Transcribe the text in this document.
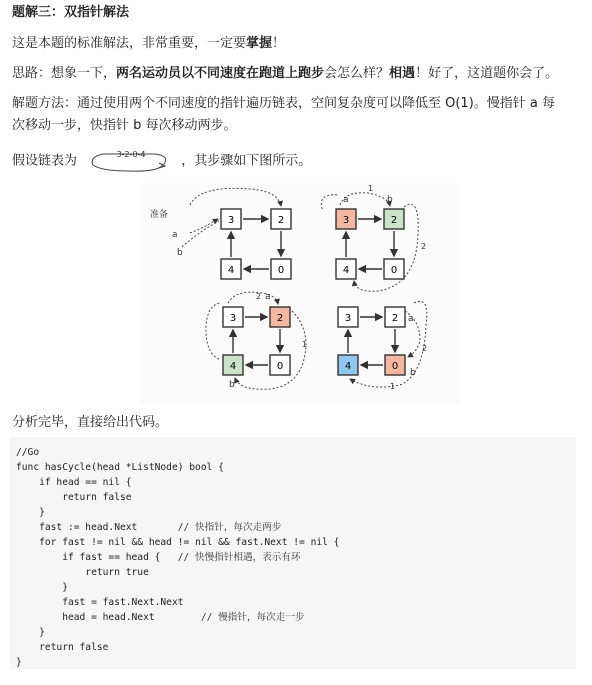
题解三：双指针解法
这是本题的标准解法，非常重要，一定要掌握！
思路：想象一下，两名运动员以不同速度在跑道上跑步会怎么样？相遇！好了，这道题你会了。
解题方法：通过使用两个不同速度的指针遍历链表，空间复杂度可以降低至 O(1)。慢指针 a 每
次移动一步，快指针 b 每次移动两步。
假设链表为	3-2-0-4	，其步骤如下图所示。
3	2
4	0
准备
a
b
3	2
4	0
a	b
1
2
3	2
4	0
2 a
1
b
3	2
4	0
a
2
b
1
分析完毕，直接给出代码。
//Go
func hasCycle(head *ListNode) bool {
if head == nil {
return false
}
fast := head.Next       // 快指针，每次走两步
for fast != nil && head != nil && fast.Next != nil {
if fast == head {   // 快慢指针相遇，表示有环
return true
}
fast = fast.Next.Next
head = head.Next        // 慢指针，每次走一步
}
return false
}
